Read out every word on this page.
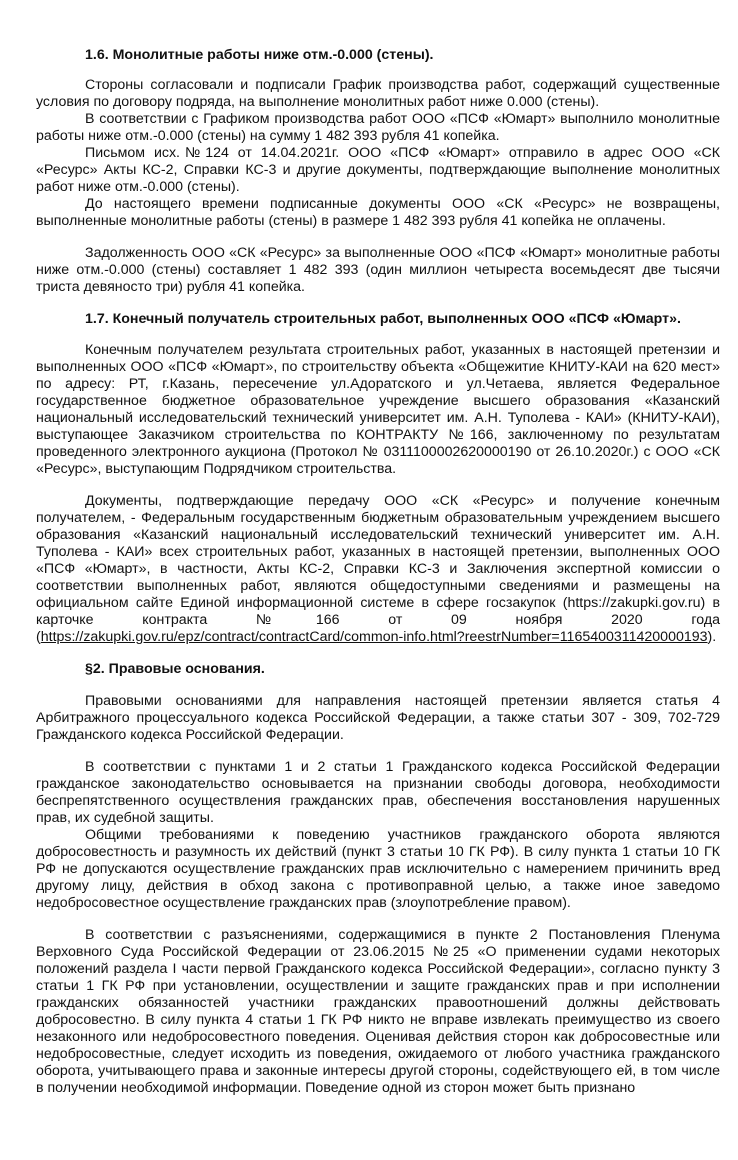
1.6. Монолитные работы ниже отм.-0.000 (стены).

Стороны согласовали и подписали График производства работ, содержащий существенные условия по договору подряда, на выполнение монолитных работ ниже 0.000 (стены).

В соответствии с Графиком производства работ ООО «ПСФ «Юмарт» выполнило монолитные работы ниже отм.-0.000 (стены) на сумму 1 482 393 рубля 41 копейка.

Письмом исх.№124 от 14.04.2021г. ООО «ПСФ «Юмарт» отправило в адрес ООО «СК «Ресурс» Акты КС-2, Справки КС-3 и другие документы, подтверждающие выполнение монолитных работ ниже отм.-0.000 (стены).

До настоящего времени подписанные документы ООО «СК «Ресурс» не возвращены, выполненные монолитные работы (стены) в размере 1 482 393 рубля 41 копейка не оплачены.

Задолженность ООО «СК «Ресурс» за выполненные ООО «ПСФ «Юмарт» монолитные работы ниже отм.-0.000 (стены) составляет 1 482 393 (один миллион четыреста восемьдесят две тысячи триста девяносто три) рубля 41 копейка.

1.7. Конечный получатель строительных работ, выполненных ООО «ПСФ «Юмарт».

Конечным получателем результата строительных работ, указанных в настоящей претензии и выполненных ООО «ПСФ «Юмарт», по строительству объекта «Общежитие КНИТУ-КАИ на 620 мест» по адресу: РТ, г.Казань, пересечение ул.Адоратского и ул.Четаева, является Федеральное государственное бюджетное образовательное учреждение высшего образования «Казанский национальный исследовательский технический университет им. А.Н. Туполева - КАИ» (КНИТУ-КАИ), выступающее Заказчиком строительства по КОНТРАКТУ №166, заключенному по результатам проведенного электронного аукциона (Протокол № 0311100002620000190 от 26.10.2020г.) с ООО «СК «Ресурс», выступающим Подрядчиком строительства.

Документы, подтверждающие передачу ООО «СК «Ресурс» и получение конечным получателем, - Федеральным государственным бюджетным образовательным учреждением высшего образования «Казанский национальный исследовательский технический университет им. А.Н. Туполева - КАИ» всех строительных работ, указанных в настоящей претензии, выполненных ООО «ПСФ «Юмарт», в частности, Акты КС-2, Справки КС-3 и Заключения экспертной комиссии о соответствии выполненных работ, являются общедоступными сведениями и размещены на официальном сайте Единой информационной системе в сфере госзакупок (https://zakupki.gov.ru) в карточке контракта №166 от 09 ноября 2020 года (https://zakupki.gov.ru/epz/contract/contractCard/common-info.html?reestrNumber=1165400311420000193).

§2. Правовые основания.

Правовыми основаниями для направления настоящей претензии является статья 4 Арбитражного процессуального кодекса Российской Федерации, а также статьи 307 - 309, 702-729 Гражданского кодекса Российской Федерации.

В соответствии с пунктами 1 и 2 статьи 1 Гражданского кодекса Российской Федерации гражданское законодательство основывается на признании свободы договора, необходимости беспрепятственного осуществления гражданских прав, обеспечения восстановления нарушенных прав, их судебной защиты.

Общими требованиями к поведению участников гражданского оборота являются добросовестность и разумность их действий (пункт 3 статьи 10 ГК РФ). В силу пункта 1 статьи 10 ГК РФ не допускаются осуществление гражданских прав исключительно с намерением причинить вред другому лицу, действия в обход закона с противоправной целью, а также иное заведомо недобросовестное осуществление гражданских прав (злоупотребление правом).

В соответствии с разъяснениями, содержащимися в пункте 2 Постановления Пленума Верховного Суда Российской Федерации от 23.06.2015 №25 «О применении судами некоторых положений раздела I части первой Гражданского кодекса Российской Федерации», согласно пункту 3 статьи 1 ГК РФ при установлении, осуществлении и защите гражданских прав и при исполнении гражданских обязанностей участники гражданских правоотношений должны действовать добросовестно. В силу пункта 4 статьи 1 ГК РФ никто не вправе извлекать преимущество из своего незаконного или недобросовестного поведения. Оценивая действия сторон как добросовестные или недобросовестные, следует исходить из поведения, ожидаемого от любого участника гражданского оборота, учитывающего права и законные интересы другой стороны, содействующего ей, в том числе в получении необходимой информации. Поведение одной из сторон может быть признано
